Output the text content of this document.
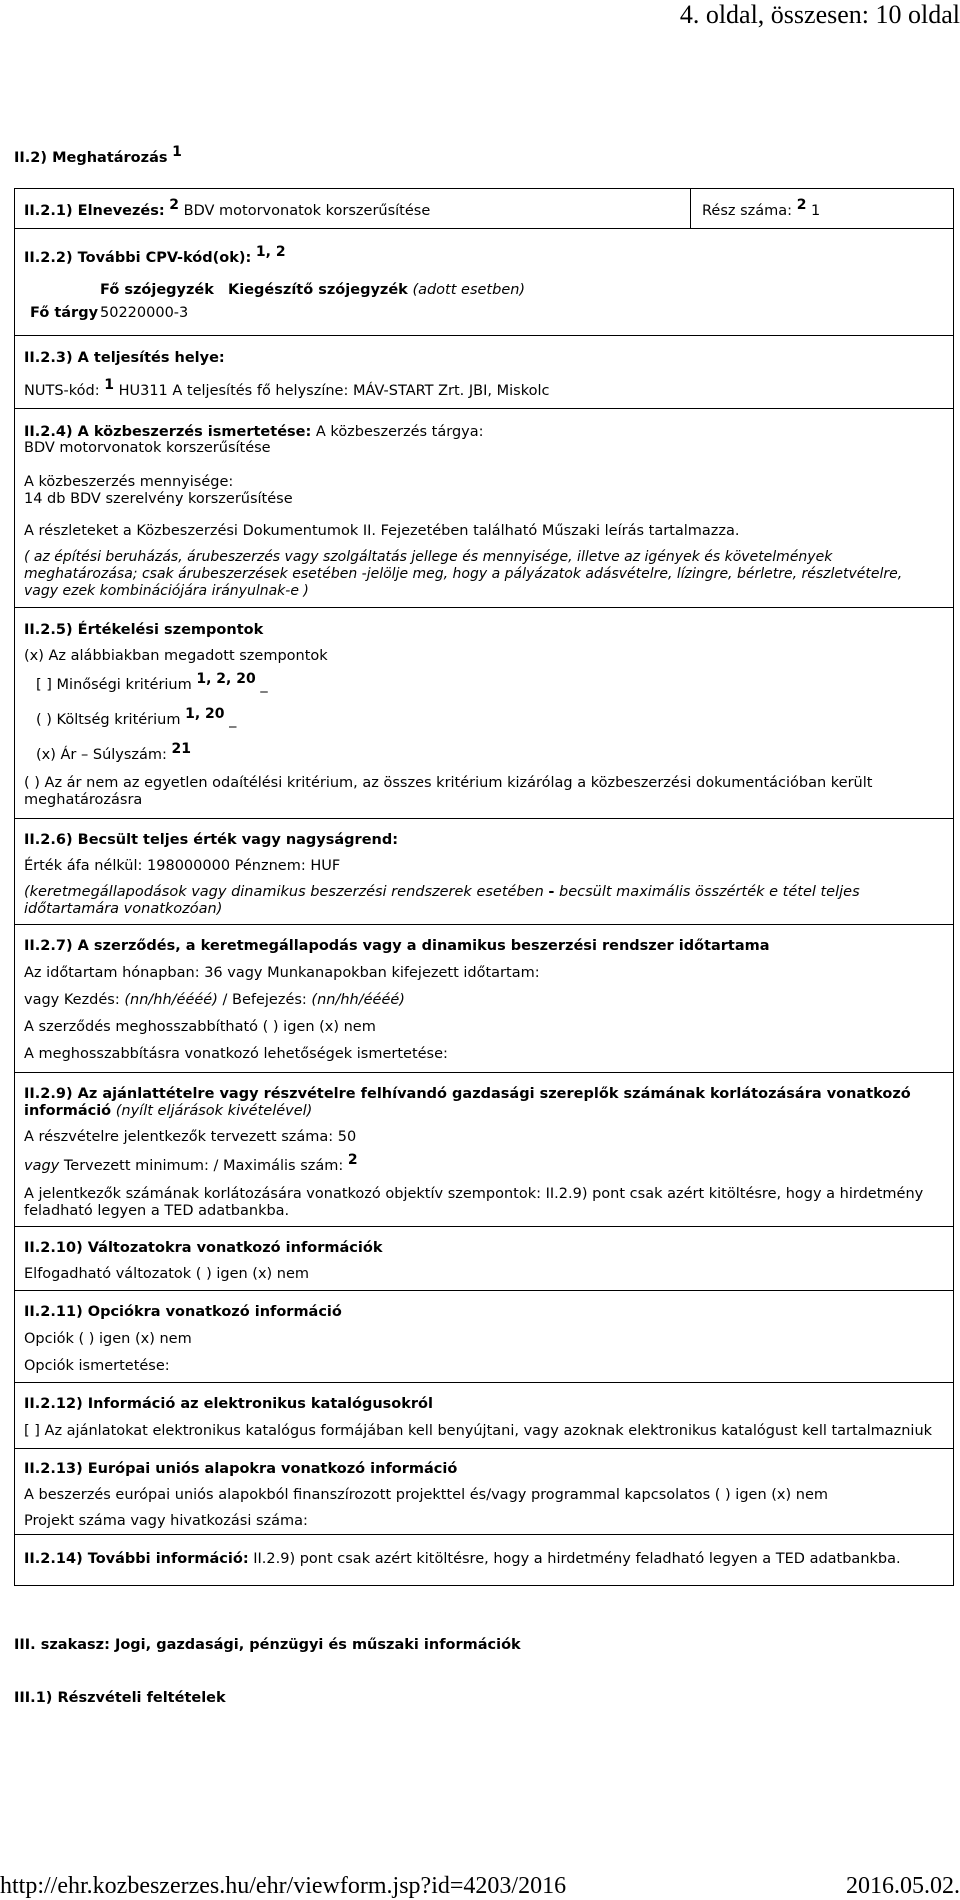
4. oldal, összesen: 10 oldal
II.2) Meghatározás $^1$
II.2.1) Elnevezés: $^2$ BDV motorvonatok korszerűsítése	Rész száma: $^2$ 1
II.2.2) További CPV-kód(ok): $^{1, 2}$
Fő szójegyzék Kiegészítő szójegyzék (adott esetben)
Fő tárgy 50220000-3
II.2.3) A teljesítés helye:
NUTS-kód: $^1$ HU311 A teljesítés fő helyszíne: MÁV-START Zrt. JBI, Miskolc
II.2.4) A közbeszerzés ismertetése: A közbeszerzés tárgya:
BDV motorvonatok korszerűsítése
A közbeszerzés mennyisége:
14 db BDV szerelvény korszerűsítése
A részleteket a Közbeszerzési Dokumentumok II. Fejezetében található Műszaki leírás tartalmazza.
( az építési beruházás, árubeszerzés vagy szolgáltatás jellege és mennyisége, illetve az igények és követelmények meghatározása; csak árubeszerzések esetében -jelölje meg, hogy a pályázatok adásvételre, lízingre, bérletre, részletvételre, vagy ezek kombinációjára irányulnak-e )
II.2.5) Értékelési szempontok
(x) Az alábbiakban megadott szempontok
[ ] Minőségi kritérium $^{1, 2, 20}$ _
( ) Költség kritérium $^{1, 20}$ _
(x) Ár – Súlyszám: $^{21}$
( ) Az ár nem az egyetlen odaítélési kritérium, az összes kritérium kizárólag a közbeszerzési dokumentációban került meghatározásra
II.2.6) Becsült teljes érték vagy nagyságrend:
Érték áfa nélkül: 198000000 Pénznem: HUF
(keretmegállapodások vagy dinamikus beszerzési rendszerek esetében - becsült maximális összérték e tétel teljes időtartamára vonatkozóan)
II.2.7) A szerződés, a keretmegállapodás vagy a dinamikus beszerzési rendszer időtartama
Az időtartam hónapban: 36 vagy Munkanapokban kifejezett időtartam:
vagy Kezdés: (nn/hh/éééé) / Befejezés: (nn/hh/éééé)
A szerződés meghosszabbítható ( ) igen (x) nem
A meghosszabbításra vonatkozó lehetőségek ismertetése:
II.2.9) Az ajánlattételre vagy részvételre felhívandó gazdasági szereplők számának korlátozására vonatkozó információ (nyílt eljárások kivételével)
A részvételre jelentkezők tervezett száma: 50
vagy Tervezett minimum: / Maximális szám: $^2$
A jelentkezők számának korlátozására vonatkozó objektív szempontok: II.2.9) pont csak azért kitöltésre, hogy a hirdetmény feladható legyen a TED adatbankba.
II.2.10) Változatokra vonatkozó információk
Elfogadható változatok ( ) igen (x) nem
II.2.11) Opciókra vonatkozó információ
Opciók ( ) igen (x) nem
Opciók ismertetése:
II.2.12) Információ az elektronikus katalógusokról
[ ] Az ajánlatokat elektronikus katalógus formájában kell benyújtani, vagy azoknak elektronikus katalógust kell tartalmazniuk
II.2.13) Európai uniós alapokra vonatkozó információ
A beszerzés európai uniós alapokból finanszírozott projekttel és/vagy programmal kapcsolatos ( ) igen (x) nem
Projekt száma vagy hivatkozási száma:
II.2.14) További információ: II.2.9) pont csak azért kitöltésre, hogy a hirdetmény feladható legyen a TED adatbankba.
III. szakasz: Jogi, gazdasági, pénzügyi és műszaki információk
III.1) Részvételi feltételek
http://ehr.kozbeszerzes.hu/ehr/viewform.jsp?id=4203/2016	2016.05.02.
